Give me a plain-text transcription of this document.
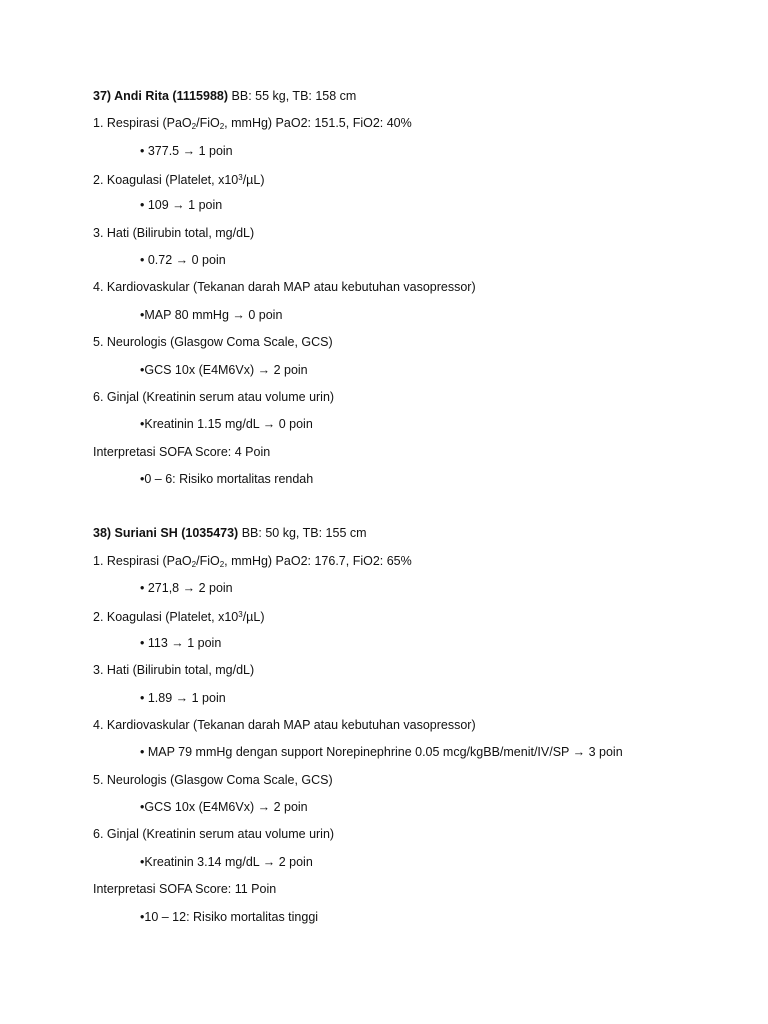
37) Andi Rita (1115988) BB: 55 kg, TB: 158 cm
1. Respirasi (PaO$_2$/FiO$_2$, mmHg) PaO2: 151.5, FiO2: 40%
• 377.5 → 1 poin
2. Koagulasi (Platelet, $x10^3/\mu L$)
• 109 → 1 poin
3. Hati (Bilirubin total, mg/dL)
• 0.72 → 0 poin
4. Kardiovaskular (Tekanan darah MAP atau kebutuhan vasopressor)
•MAP 80 mmHg → 0 poin
5. Neurologis (Glasgow Coma Scale, GCS)
•GCS 10x (E4M6Vx) → 2 poin
6. Ginjal (Kreatinin serum atau volume urin)
•Kreatinin 1.15 mg/dL → 0 poin
Interpretasi SOFA Score: 4 Poin
•0 – 6: Risiko mortalitas rendah
38) Suriani SH (1035473) BB: 50 kg, TB: 155 cm
1. Respirasi (PaO$_2$/FiO$_2$, mmHg) PaO2: 176.7, FiO2: 65%
• 271,8 → 2 poin
2. Koagulasi (Platelet, $x10^3/\mu L$)
• 113 → 1 poin
3. Hati (Bilirubin total, mg/dL)
• 1.89 → 1 poin
4. Kardiovaskular (Tekanan darah MAP atau kebutuhan vasopressor)
• MAP 79 mmHg dengan support Norepinephrine 0.05 mcg/kgBB/menit/IV/SP → 3 poin
5. Neurologis (Glasgow Coma Scale, GCS)
•GCS 10x (E4M6Vx) → 2 poin
6. Ginjal (Kreatinin serum atau volume urin)
•Kreatinin 3.14 mg/dL → 2 poin
Interpretasi SOFA Score: 11 Poin
•10 – 12: Risiko mortalitas tinggi
